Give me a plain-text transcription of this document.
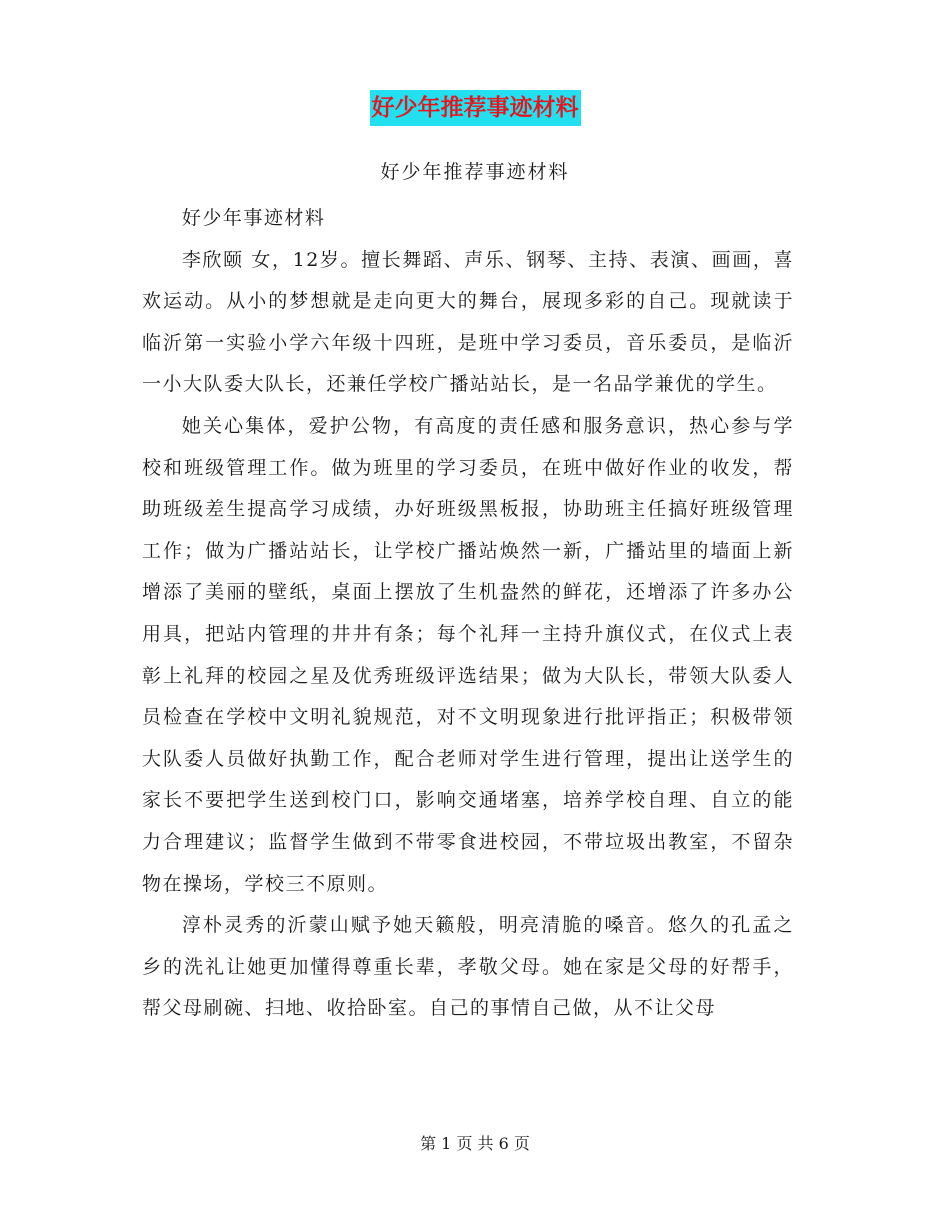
好少年推荐事迹材料
好少年推荐事迹材料

好少年事迹材料

李欣颐 女，12岁。擅长舞蹈、声乐、钢琴、主持、表演、画画，喜欢运动。从小的梦想就是走向更大的舞台，展现多彩的自己。现就读于临沂第一实验小学六年级十四班，是班中学习委员，音乐委员，是临沂一小大队委大队长，还兼任学校广播站站长，是一名品学兼优的学生。

她关心集体，爱护公物，有高度的责任感和服务意识，热心参与学校和班级管理工作。做为班里的学习委员，在班中做好作业的收发，帮助班级差生提高学习成绩，办好班级黑板报，协助班主任搞好班级管理工作；做为广播站站长，让学校广播站焕然一新，广播站里的墙面上新增添了美丽的壁纸，桌面上摆放了生机盎然的鲜花，还增添了许多办公用具，把站内管理的井井有条；每个礼拜一主持升旗仪式，在仪式上表彰上礼拜的校园之星及优秀班级评选结果；做为大队长，带领大队委人员检查在学校中文明礼貌规范，对不文明现象进行批评指正；积极带领大队委人员做好执勤工作，配合老师对学生进行管理，提出让送学生的家长不要把学生送到校门口，影响交通堵塞，培养学校自理、自立的能力合理建议；监督学生做到不带零食进校园，不带垃圾出教室，不留杂物在操场，学校三不原则。

淳朴灵秀的沂蒙山赋予她天籁般，明亮清脆的嗓音。悠久的孔孟之乡的洗礼让她更加懂得尊重长辈，孝敬父母。她在家是父母的好帮手，帮父母刷碗、扫地、收拾卧室。自己的事情自己做，从不让父母

第 1 页 共 6 页
